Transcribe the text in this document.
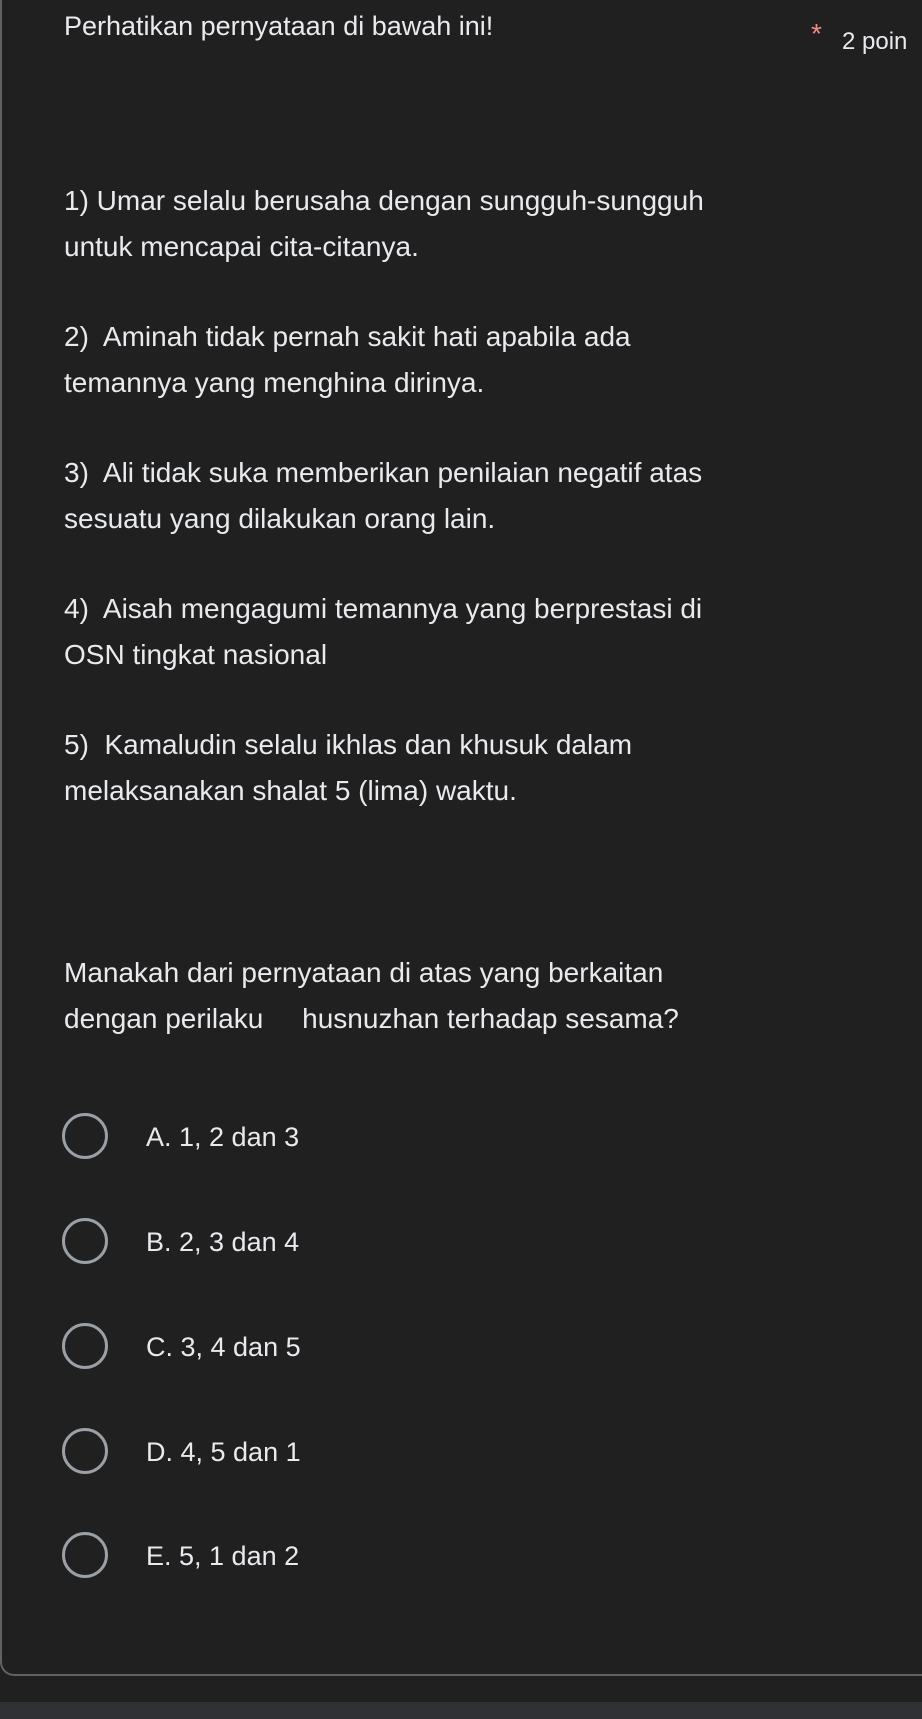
Perhatikan pernyataan di bawah ini!	* 2 poin
1) Umar selalu berusaha dengan sungguh-sungguh
untuk mencapai cita-citanya.
2)  Aminah tidak pernah sakit hati apabila ada
temannya yang menghina dirinya.
3)  Ali tidak suka memberikan penilaian negatif atas
sesuatu yang dilakukan orang lain.
4)  Aisah mengagumi temannya yang berprestasi di
OSN tingkat nasional
5)  Kamaludin selalu ikhlas dan khusuk dalam
melaksanakan shalat 5 (lima) waktu.
Manakah dari pernyataan di atas yang berkaitan
dengan perilaku     husnuzhan terhadap sesama?
A. 1, 2 dan 3
B. 2, 3 dan 4
C. 3, 4 dan 5
D. 4, 5 dan 1
E. 5, 1 dan 2
